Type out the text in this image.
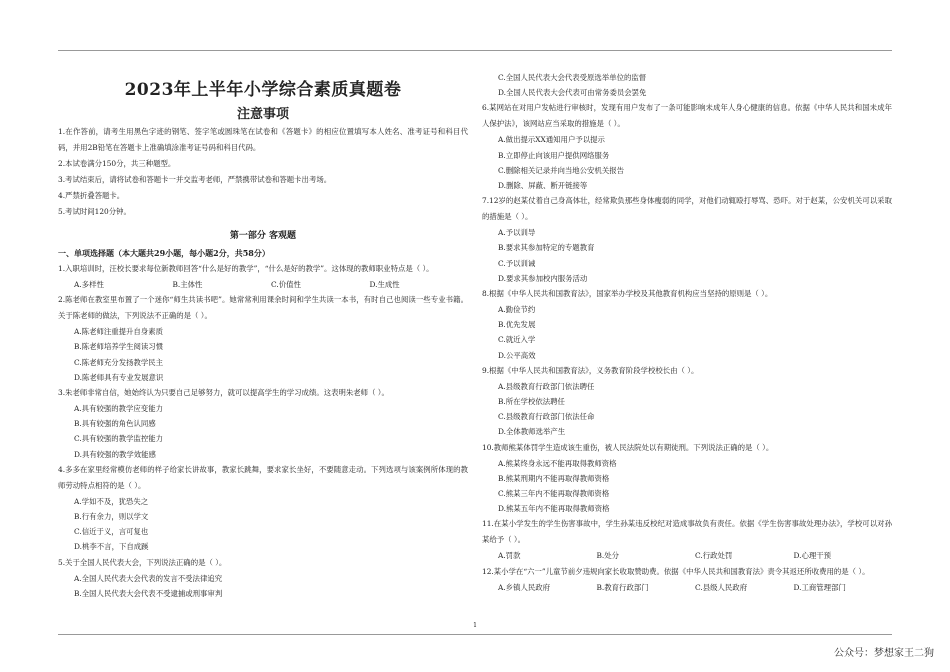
2023年上半年小学综合素质真题卷
注意事项

1.在作答前，请考生用黑色字迹的钢笔、签字笔或圆珠笔在试卷和《答题卡》的相应位置填写本人姓名、准考证号和科目代码，并用2B铅笔在答题卡上准确填涂准考证号码和科目代码。

2.本试卷满分150分，共三种题型。

3.考试结束后，请将试卷和答题卡一并交监考老师，严禁携带试卷和答题卡出考场。

4.严禁折叠答题卡。

5.考试时间120分钟。

第一部分 客观题

一、单项选择题（本大题共29小题，每小题2分，共58分）

1.入职培训时，汪校长要求每位新教师回答“什么是好的教学”，“什么是好的教学”。这体现的教师职业特点是（ ）。

A.多样性	B.主体性	C.价值性	D.生成性

2.陈老师在教室里布置了一个迷你“师生共读书吧”。她常常利用课余时间和学生共读一本书，有时自己也阅读一些专业书籍。关于陈老师的做法，下列说法不正确的是（ ）。

A.陈老师注重提升自身素质

B.陈老师培养学生阅读习惯

C.陈老师充分发扬教学民主

D.陈老师具有专业发展意识

3.朱老师非常自信，她始终认为只要自己足够努力，就可以提高学生的学习成绩。这表明朱老师（ ）。

A.具有较强的教学应变能力

B.具有较强的角色认同感

C.具有较强的教学监控能力

D.具有较强的教学效能感

4.多多在家里经常模仿老师的样子给家长讲故事，教家长跳舞，要求家长坐好，不要随意走动。下列选项与该案例所体现的教师劳动特点相符的是（ ）。

A.学如不及，犹恐失之

B.行有余力，则以学文

C.信近于义，言可复也

D.桃李不言，下自成蹊

5.关于全国人民代表大会，下列说法正确的是（ ）。

A.全国人民代表大会代表的发言不受法律追究

B.全国人民代表大会代表不受逮捕或刑事审判

C.全国人民代表大会代表受原选举单位的监督

D.全国人民代表大会代表可由常务委员会罢免

6.某网站在对用户发帖进行审核时，发现有用户发布了一条可能影响未成年人身心健康的信息。依据《中华人民共和国未成年人保护法》，该网站应当采取的措施是（ ）。

A.做出提示XX通知用户予以提示

B.立即停止向该用户提供网络服务

C.删除相关记录并向当地公安机关报告

D.删除、屏蔽、断开链接等

7.12岁的赵某仗着自己身高体壮，经常欺负那些身体瘦弱的同学，对他们动辄殴打辱骂、恐吓。对于赵某，公安机关可以采取的措施是（ ）。

A.予以训导

B.要求其参加特定的专题教育

C.予以训诫

D.要求其参加校内服务活动

8.根据《中华人民共和国教育法》，国家举办学校及其他教育机构应当坚持的原则是（ ）。

A.勤俭节约

B.优先发展

C.就近入学

D.公平高效

9.根据《中华人民共和国教育法》，义务教育阶段学校校长由（ ）。

A.县级教育行政部门依法聘任

B.所在学校依法聘任

C.县级教育行政部门依法任命

D.全体教师选举产生

10.教师熊某体罚学生造成该生重伤，被人民法院处以有期徒刑。下列说法正确的是（ ）。

A.熊某终身永远不能再取得教师资格

B.熊某刑期内不能再取得教师资格

C.熊某三年内不能再取得教师资格

D.熊某五年内不能再取得教师资格

11.在某小学发生的学生伤害事故中，学生孙某违反校纪对造成事故负有责任。依据《学生伤害事故处理办法》，学校可以对孙某给予（ ）。

A.罚款	B.处分	C.行政处罚	D.心理干预

12.某小学在“六一”儿童节前夕违规向家长收取赞助费。依据《中华人民共和国教育法》责令其返还所收费用的是（ ）。

A.乡镇人民政府	B.教育行政部门	C.县级人民政府	D.工商管理部门
1
公众号：梦想家王二狗
